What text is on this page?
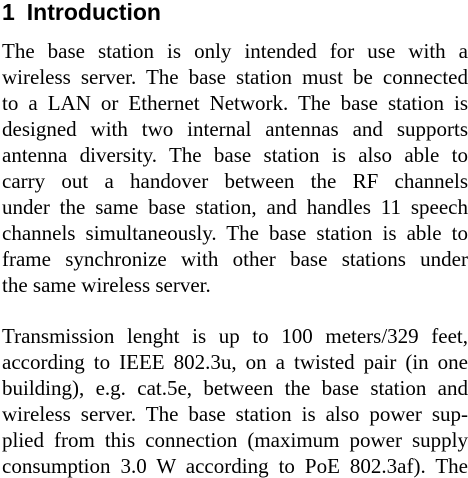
1 Introduction
The base station is only intended for use with a
wireless server. The base station must be connected
to a LAN or Ethernet Network. The base station is
designed with two internal antennas and supports
antenna diversity. The base station is also able to
carry out a handover between the RF channels
under the same base station, and handles 11 speech
channels simultaneously. The base station is able to
frame synchronize with other base stations under
the same wireless server.
Transmission lenght is up to 100 meters/329 feet,
according to IEEE 802.3u, on a twisted pair (in one
building), e.g. cat.5e, between the base station and
wireless server. The base station is also power sup-
plied from this connection (maximum power supply
consumption 3.0 W according to PoE 802.3af). The
